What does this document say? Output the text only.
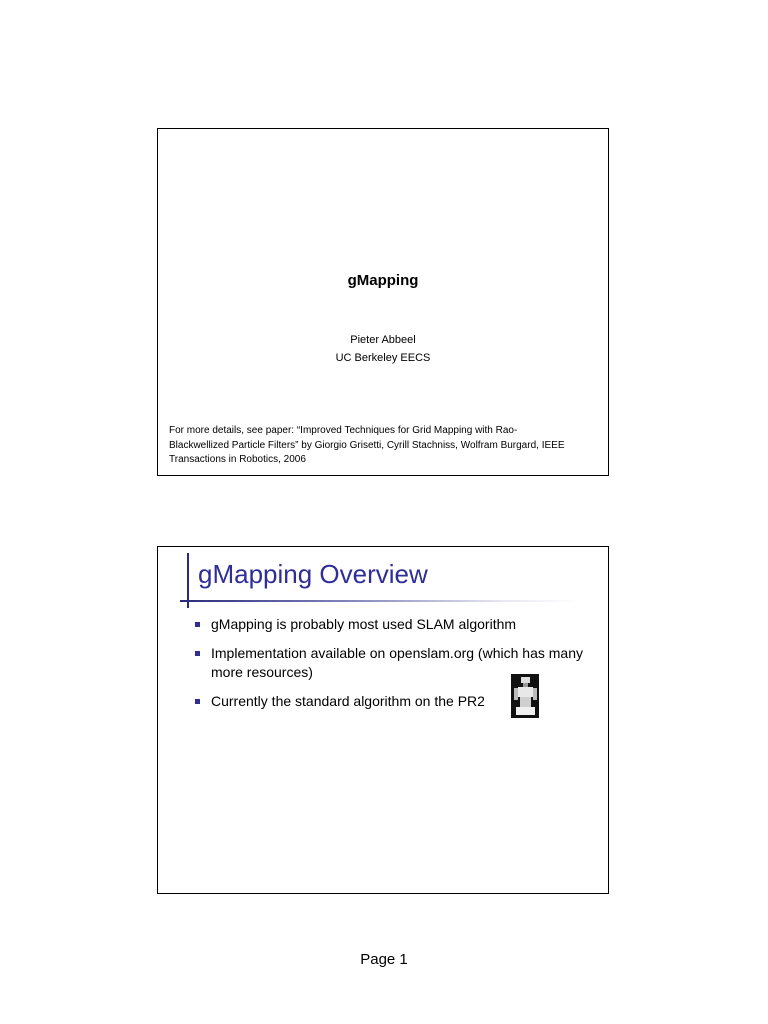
gMapping
Pieter Abbeel
UC Berkeley EECS
For more details, see paper: “Improved Techniques for Grid Mapping with Rao-
Blackwellized Particle Filters” by Giorgio Grisetti, Cyrill Stachniss, Wolfram Burgard, IEEE
Transactions in Robotics, 2006
gMapping Overview
gMapping is probably most used SLAM algorithm
Implementation available on openslam.org (which has many more resources)
Currently the standard algorithm on the PR2
Page 1
